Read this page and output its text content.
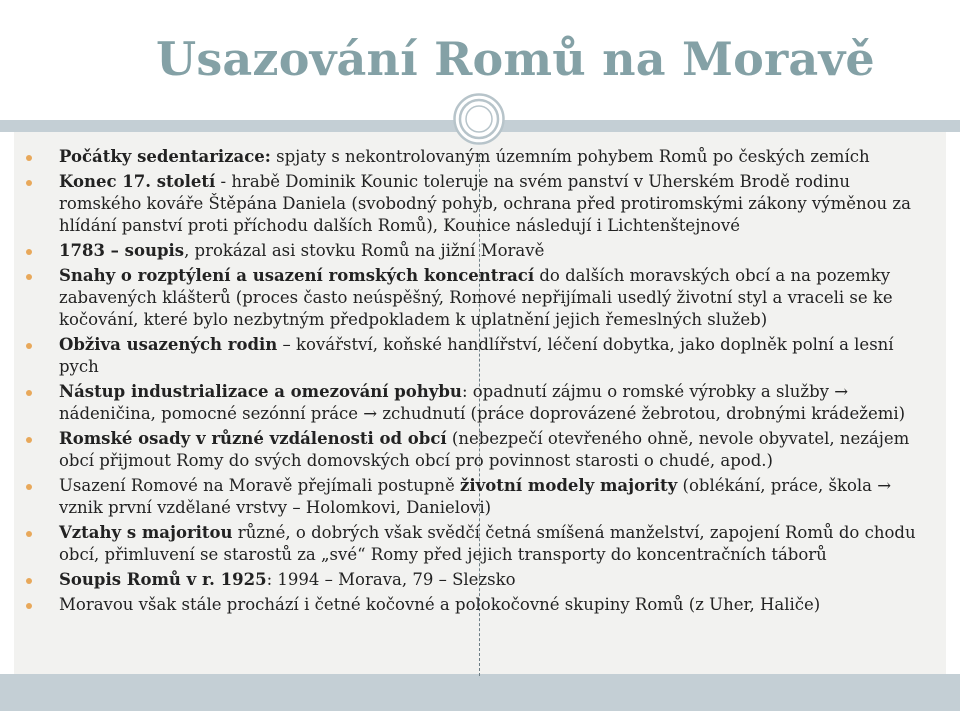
Usazování Romů na Moravě
Počátky sedentarizace: spjaty s nekontrolovaným územním pohybem Romů po českých zemích
Konec 17. století - hrabě Dominik Kounic toleruje na svém panství v Uherském Brodě rodinu romského kováře Štěpána Daniela (svobodný pohyb, ochrana před protiromskými zákony výměnou za hlídání panství proti příchodu dalších Romů), Kounice následují i Lichtenštejnové
1783 – soupis, prokázal asi stovku Romů na jižní Moravě
Snahy o rozptýlení a usazení romských koncentrací do dalších moravských obcí a na pozemky zabavených klášterů (proces často neúspěšný, Romové nepřijímali usedlý životní styl a vraceli se ke kočování, které bylo nezbytným předpokladem k uplatnění jejich řemeslných služeb)
Obživa usazených rodin – kovářství, koňské handlířství, léčení dobytka, jako doplněk polní a lesní pych
Nástup industrializace a omezování pohybu: opadnutí zájmu o romské výrobky a služby → nádeničina, pomocné sezónní práce → zchudnutí (práce doprovázené žebrotou, drobnými krádežemi)
Romské osady v různé vzdálenosti od obcí (nebezpečí otevřeného ohně, nevole obyvatel, nezájem obcí přijmout Romy do svých domovských obcí pro povinnost starosti o chudé, apod.)
Usazení Romové na Moravě přejímali postupně životní modely majority (oblékání, práce, škola → vznik první vzdělané vrstvy – Holomkovi, Danielovi)
Vztahy s majoritou různé, o dobrých však svědčí četná smíšená manželství, zapojení Romů do chodu obcí, přimluvení se starostů za „své“ Romy před jejich transporty do koncentračních táborů
Soupis Romů v r. 1925: 1994 – Morava, 79 – Slezsko
Moravou však stále prochází i četné kočovné a polokočovné skupiny Romů (z Uher, Haliče)
